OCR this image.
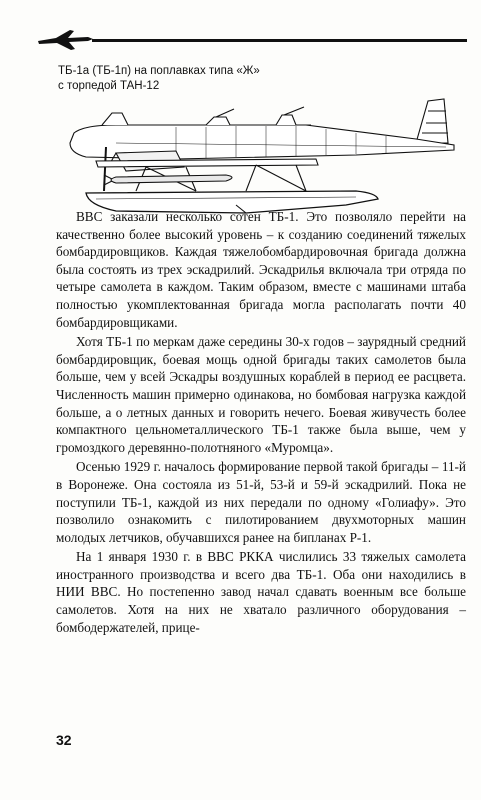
ТБ-1а (ТБ-1п) на поплавках типа «Ж»
с торпедой ТАН-12

ВВС заказали несколько сотен ТБ-1. Это позволяло перейти на качественно более высокий уровень – к созданию соединений тяжелых бомбардировщиков. Каждая тяжелобомбардировочная бригада должна была состоять из трех эскадрилий. Эскадрилья включала три отряда по четыре самолета в каждом. Таким образом, вместе с машинами штаба полностью укомплектованная бригада могла располагать почти 40 бомбардировщиками.

Хотя ТБ-1 по меркам даже середины 30-х годов – заурядный средний бомбардировщик, боевая мощь одной бригады таких самолетов была больше, чем у всей Эскадры воздушных кораблей в период ее расцвета. Численность машин примерно одинакова, но бомбовая нагрузка каждой больше, а о летных данных и говорить нечего. Боевая живучесть более компактного цельнометаллического ТБ-1 также была выше, чем у громоздкого деревянно-полотняного «Муромца».

Осенью 1929 г. началось формирование первой такой бригады – 11-й в Воронеже. Она состояла из 51-й, 53-й и 59-й эскадрилий. Пока не поступили ТБ-1, каждой из них передали по одному «Голиафу». Это позволило ознакомить с пилотированием двухмоторных машин молодых летчиков, обучавшихся ранее на бипланах Р-1.

На 1 января 1930 г. в ВВС РККА числились 33 тяжелых самолета иностранного производства и всего два ТБ-1. Оба они находились в НИИ ВВС. Но постепенно завод начал сдавать военным все больше самолетов. Хотя на них не хватало различного оборудования – бомбодержателей, прице-

32
